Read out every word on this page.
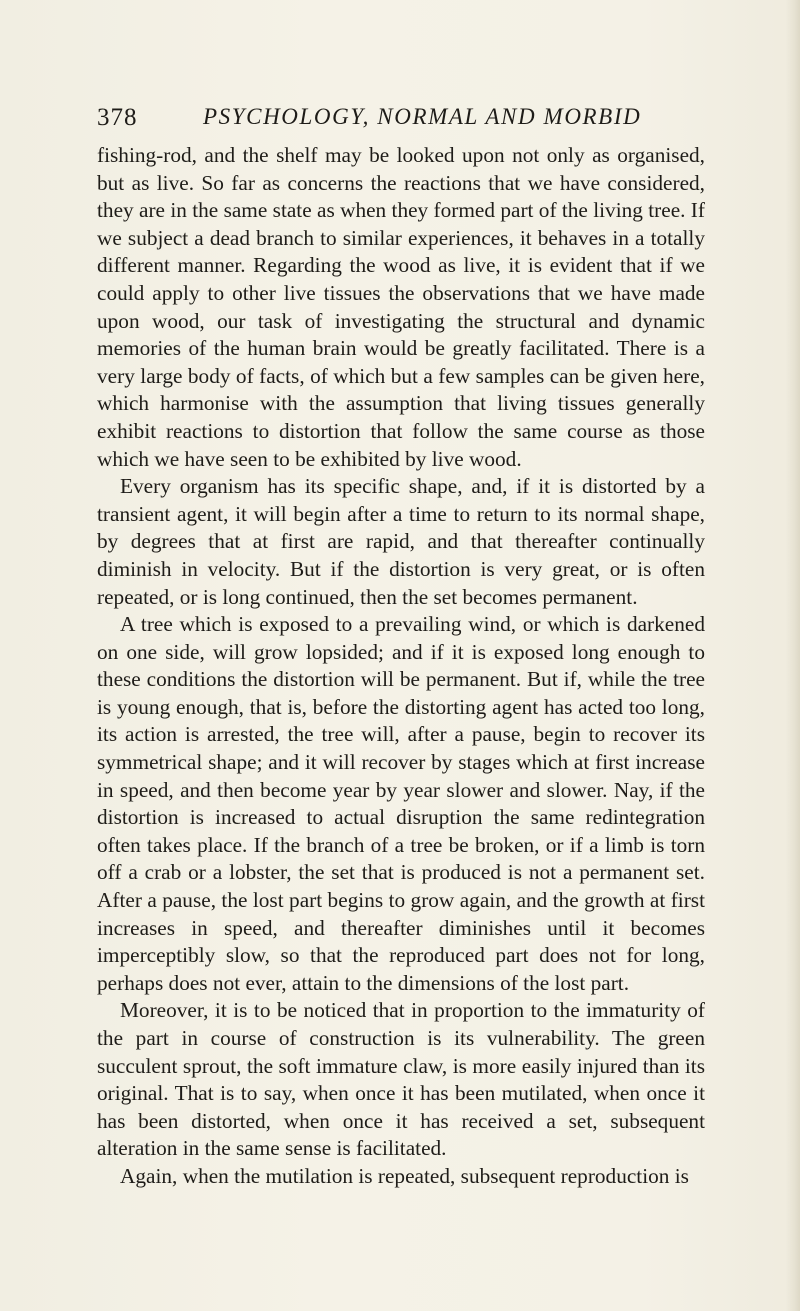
378	PSYCHOLOGY, NORMAL AND MORBID

fishing-rod, and the shelf may be looked upon not only as organised, but as live. So far as concerns the reactions that we have considered, they are in the same state as when they formed part of the living tree. If we subject a dead branch to similar experiences, it behaves in a totally different manner. Regarding the wood as live, it is evident that if we could apply to other live tissues the observations that we have made upon wood, our task of investigating the structural and dynamic memories of the human brain would be greatly facilitated. There is a very large body of facts, of which but a few samples can be given here, which harmonise with the assumption that living tissues generally exhibit reactions to distortion that follow the same course as those which we have seen to be exhibited by live wood.

Every organism has its specific shape, and, if it is distorted by a transient agent, it will begin after a time to return to its normal shape, by degrees that at first are rapid, and that thereafter continually diminish in velocity. But if the distortion is very great, or is often repeated, or is long continued, then the set becomes permanent.

A tree which is exposed to a prevailing wind, or which is darkened on one side, will grow lopsided; and if it is exposed long enough to these conditions the distortion will be permanent. But if, while the tree is young enough, that is, before the distorting agent has acted too long, its action is arrested, the tree will, after a pause, begin to recover its symmetrical shape; and it will recover by stages which at first increase in speed, and then become year by year slower and slower. Nay, if the distortion is increased to actual disruption the same redintegration often takes place. If the branch of a tree be broken, or if a limb is torn off a crab or a lobster, the set that is produced is not a permanent set. After a pause, the lost part begins to grow again, and the growth at first increases in speed, and thereafter diminishes until it becomes imperceptibly slow, so that the reproduced part does not for long, perhaps does not ever, attain to the dimensions of the lost part.

Moreover, it is to be noticed that in proportion to the immaturity of the part in course of construction is its vulnerability. The green succulent sprout, the soft immature claw, is more easily injured than its original. That is to say, when once it has been mutilated, when once it has been distorted, when once it has received a set, subsequent alteration in the same sense is facilitated.

Again, when the mutilation is repeated, subsequent reproduction is
